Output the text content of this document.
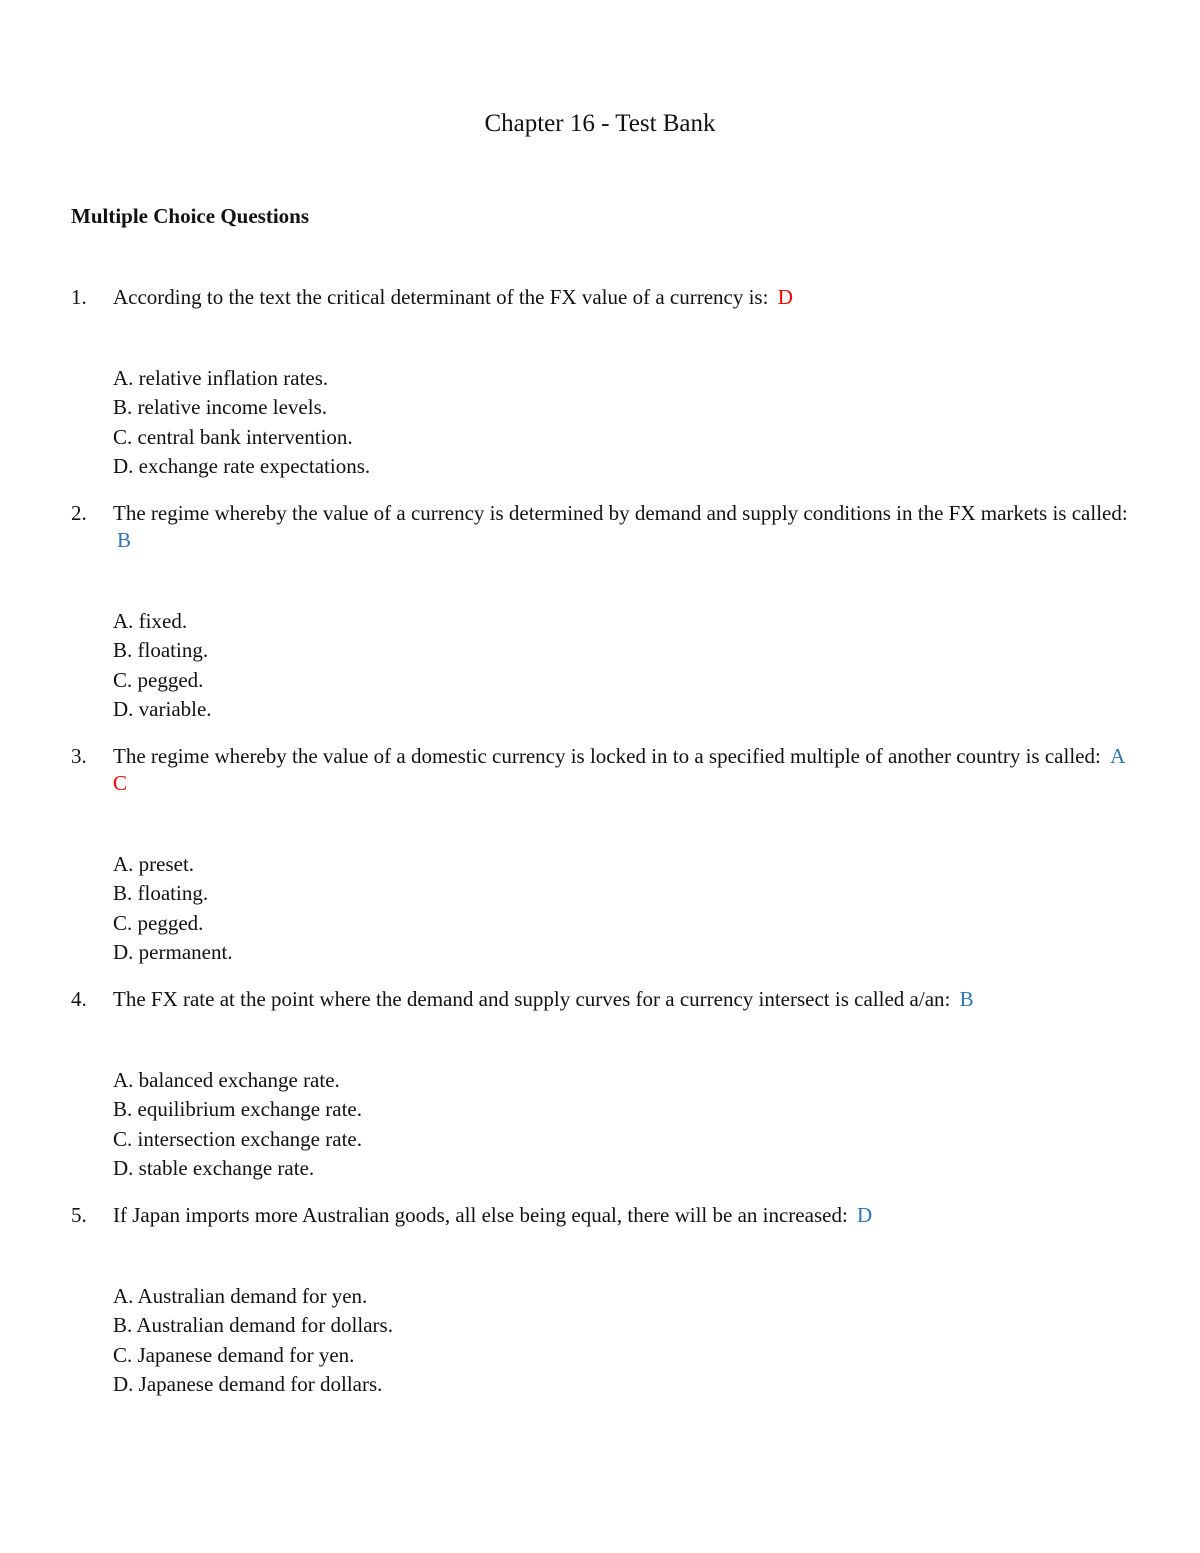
Chapter 16 - Test Bank
Multiple Choice Questions
1. According to the text the critical determinant of the FX value of a currency is: D
A. relative inflation rates.
B. relative income levels.
C. central bank intervention.
D. exchange rate expectations.
2. The regime whereby the value of a currency is determined by demand and supply conditions in the FX markets is called: B
A. fixed.
B. floating.
C. pegged.
D. variable.
3. The regime whereby the value of a domestic currency is locked in to a specified multiple of another country is called: A C
A. preset.
B. floating.
C. pegged.
D. permanent.
4. The FX rate at the point where the demand and supply curves for a currency intersect is called a/an: B
A. balanced exchange rate.
B. equilibrium exchange rate.
C. intersection exchange rate.
D. stable exchange rate.
5. If Japan imports more Australian goods, all else being equal, there will be an increased: D
A. Australian demand for yen.
B. Australian demand for dollars.
C. Japanese demand for yen.
D. Japanese demand for dollars.
